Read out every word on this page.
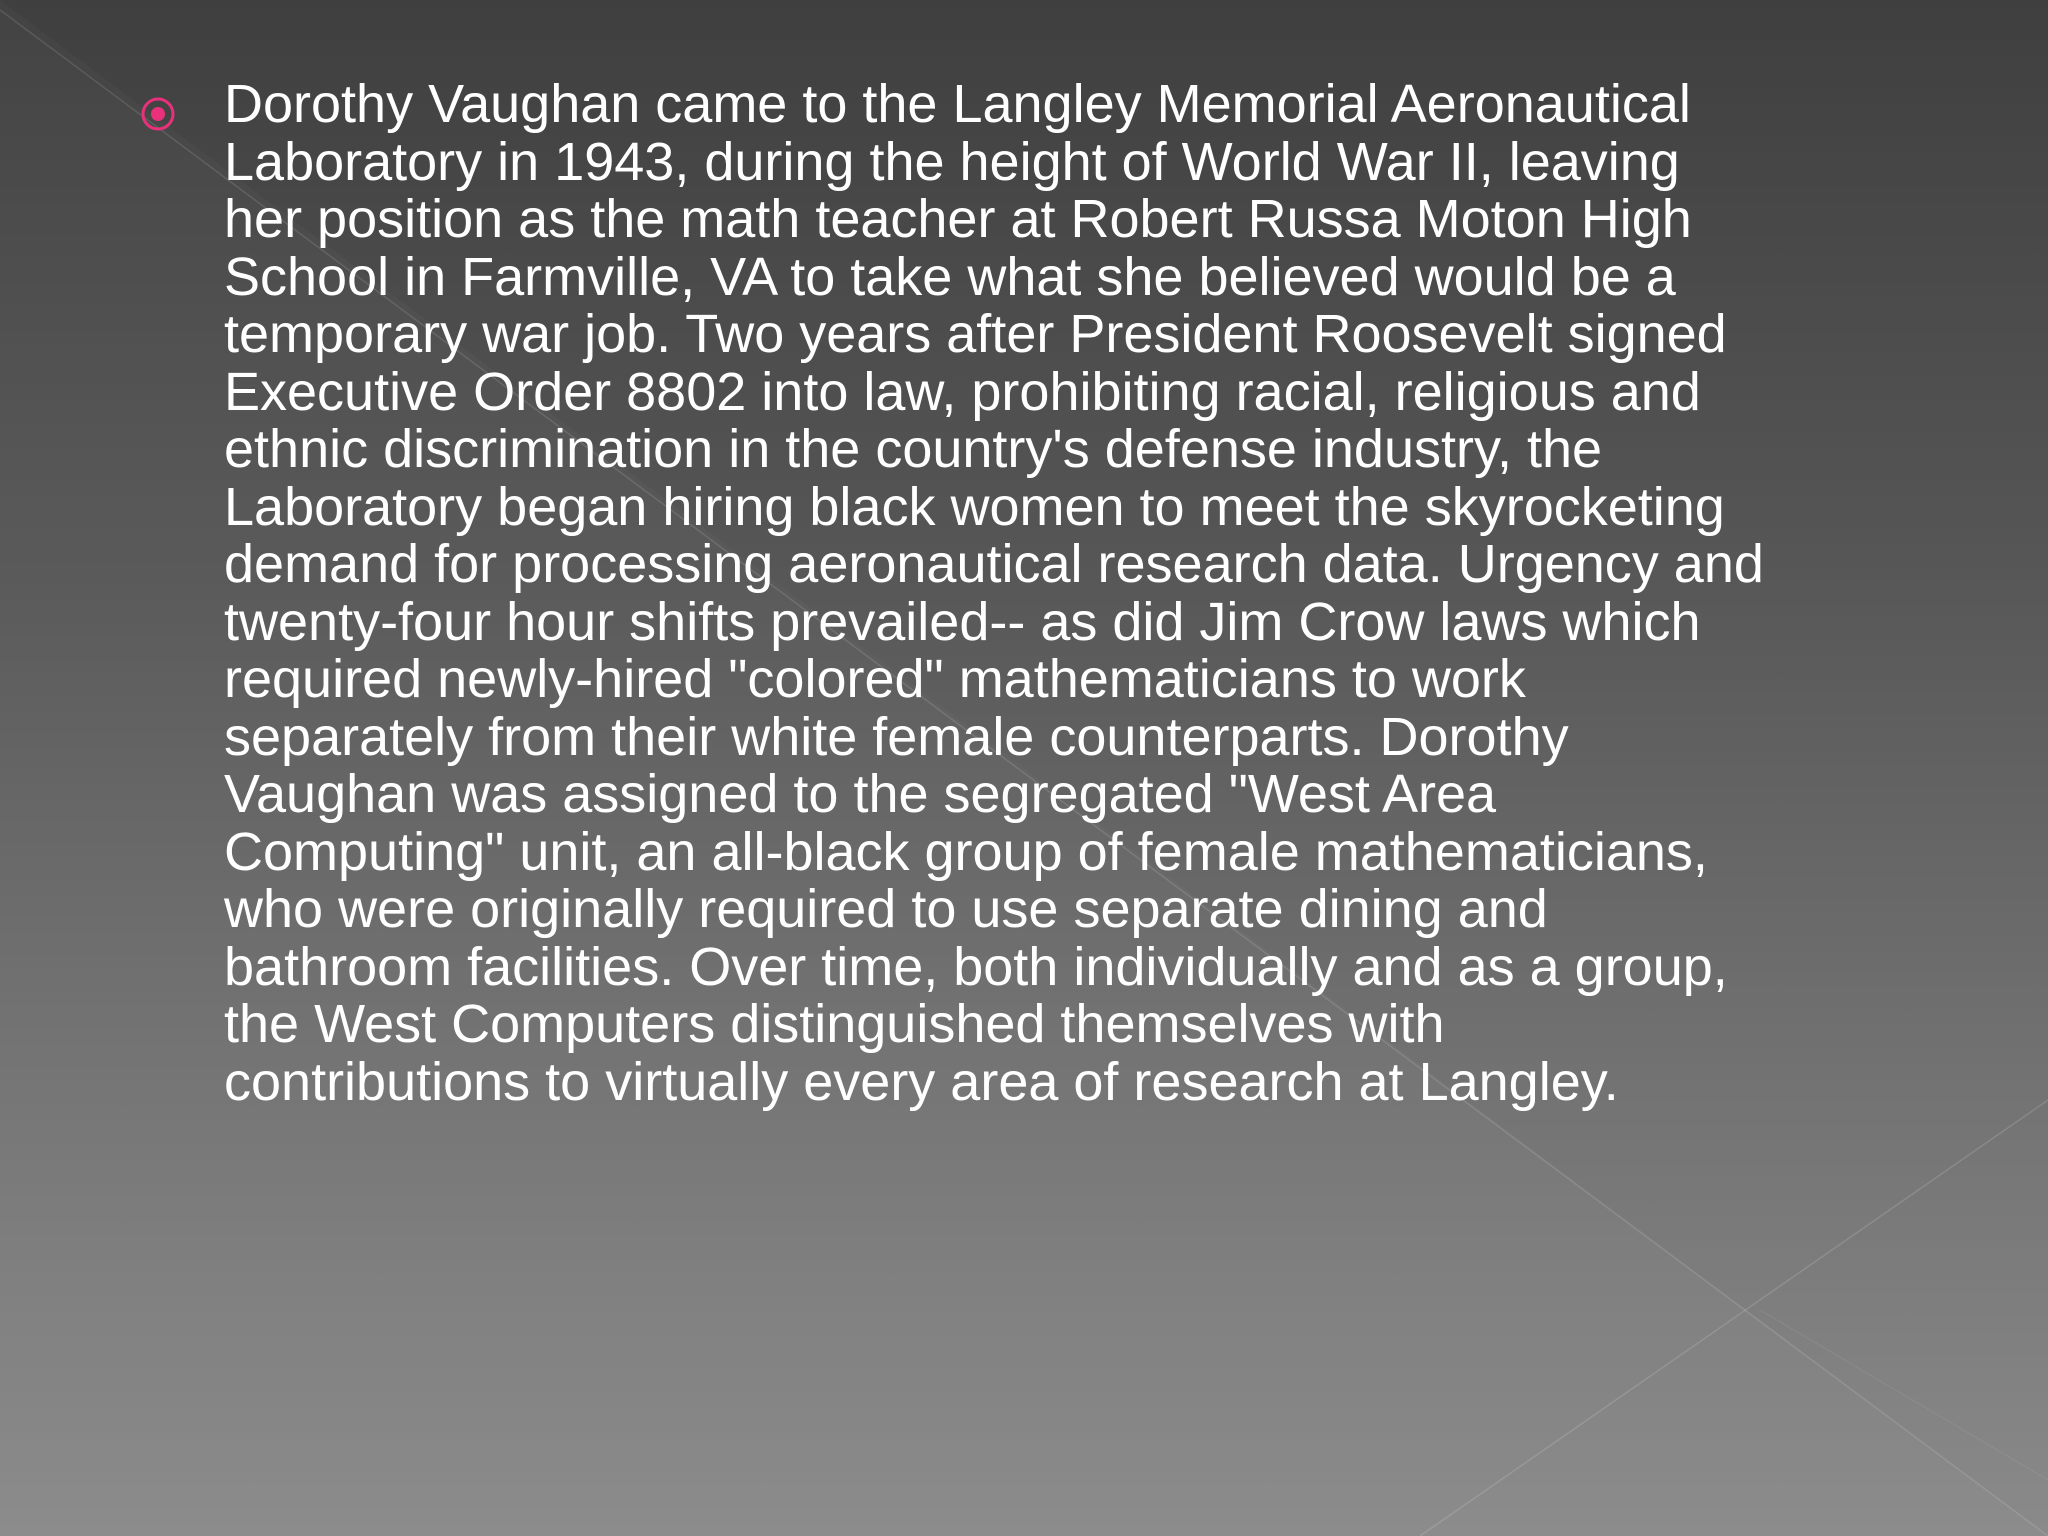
Dorothy Vaughan came to the Langley Memorial Aeronautical
Laboratory in 1943, during the height of World War II, leaving
her position as the math teacher at Robert Russa Moton High
School in Farmville, VA to take what she believed would be a
temporary war job. Two years after President Roosevelt signed
Executive Order 8802 into law, prohibiting racial, religious and
ethnic discrimination in the country's defense industry, the
Laboratory began hiring black women to meet the skyrocketing
demand for processing aeronautical research data. Urgency and
twenty-four hour shifts prevailed-- as did Jim Crow laws which
required newly-hired "colored" mathematicians to work
separately from their white female counterparts. Dorothy
Vaughan was assigned to the segregated "West Area
Computing" unit, an all-black group of female mathematicians,
who were originally required to use separate dining and
bathroom facilities. Over time, both individually and as a group,
the West Computers distinguished themselves with
contributions to virtually every area of research at Langley.
